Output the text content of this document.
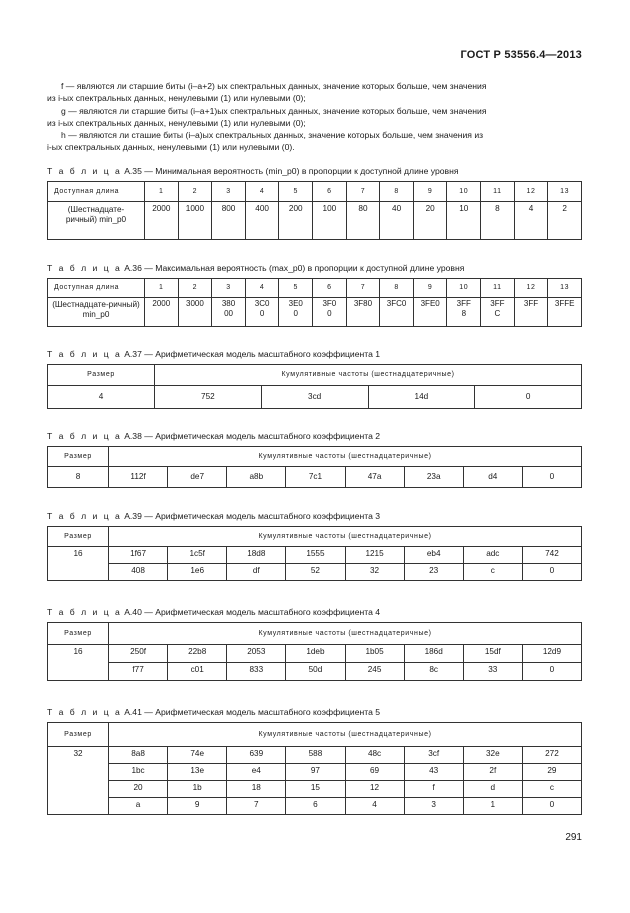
ГОСТ Р 53556.4—2013

f — являются ли старшие биты (i–a+2) ых спектральных данных, значение которых больше, чем значения

из i-ых спектральных данных, ненулевыми (1) или нулевыми (0);

g — являются ли старшие биты (i–a+1)ых спектральных данных, значение которых больше, чем значения

из i-ых спектральных данных, ненулевыми (1) или нулевыми (0);

h — являются ли сташие биты (i–a)ых спектральных данных, значение которых больше, чем значения из

i-ых спектральных данных, ненулевыми (1) или нулевыми (0).

Т а б л и ц а А.35 — Минимальная вероятность (min_p0) в пропорции к доступной длине уровня
Доступная длина	1	2	3	4	5	6	7	8	9	10	11	12	13
(Шестнадцате-ричный) min_p0	2000	1000	800	400	200	100	80	40	20	10	8	4	2
Т а б л и ц а А.36 — Максимальная вероятность (max_p0) в пропорции к доступной длине уровня
Доступная длина	1	2	3	4	5	6	7	8	9	10	11	12	13
(Шестнадцате-ричный) min_p0	2000	3000	38000	3C00	3E00	3F00	3F80	3FC0	3FE0	3FF8	3FFC	3FF	3FFE
Т а б л и ц а А.37 — Арифметическая модель масштабного коэффициента 1
Размер	Кумулятивные частоты (шестнадцатеричные)			
4	752	3cd	14d	0
Т а б л и ц а А.38 — Арифметическая модель масштабного коэффициента 2
Размер	Кумулятивные частоты (шестнадцатеричные)							
8	112f	de7	a8b	7c1	47a	23a	d4	0
Т а б л и ц а А.39 — Арифметическая модель масштабного коэффициента 3
Размер	Кумулятивные частоты (шестнадцатеричные)							
16	1f67	1c5f	18d8	1555	1215	eb4	adc	742
	408	1e6	df	52	32	23	c	0
Т а б л и ц а А.40 — Арифметическая модель масштабного коэффициента 4
Размер	Кумулятивные частоты (шестнадцатеричные)							
16	250f	22b8	2053	1deb	1b05	186d	15df	12d9
	f77	c01	833	50d	245	8c	33	0
Т а б л и ц а А.41 — Арифметическая модель масштабного коэффициента 5
Размер	Кумулятивные частоты (шестнадцатеричные)							
32	8a8	74e	639	588	48c	3cf	32e	272
	1bc	13e	e4	97	69	43	2f	29
	20	1b	18	15	12	f	d	c
	a	9	7	6	4	3	1	0
291
